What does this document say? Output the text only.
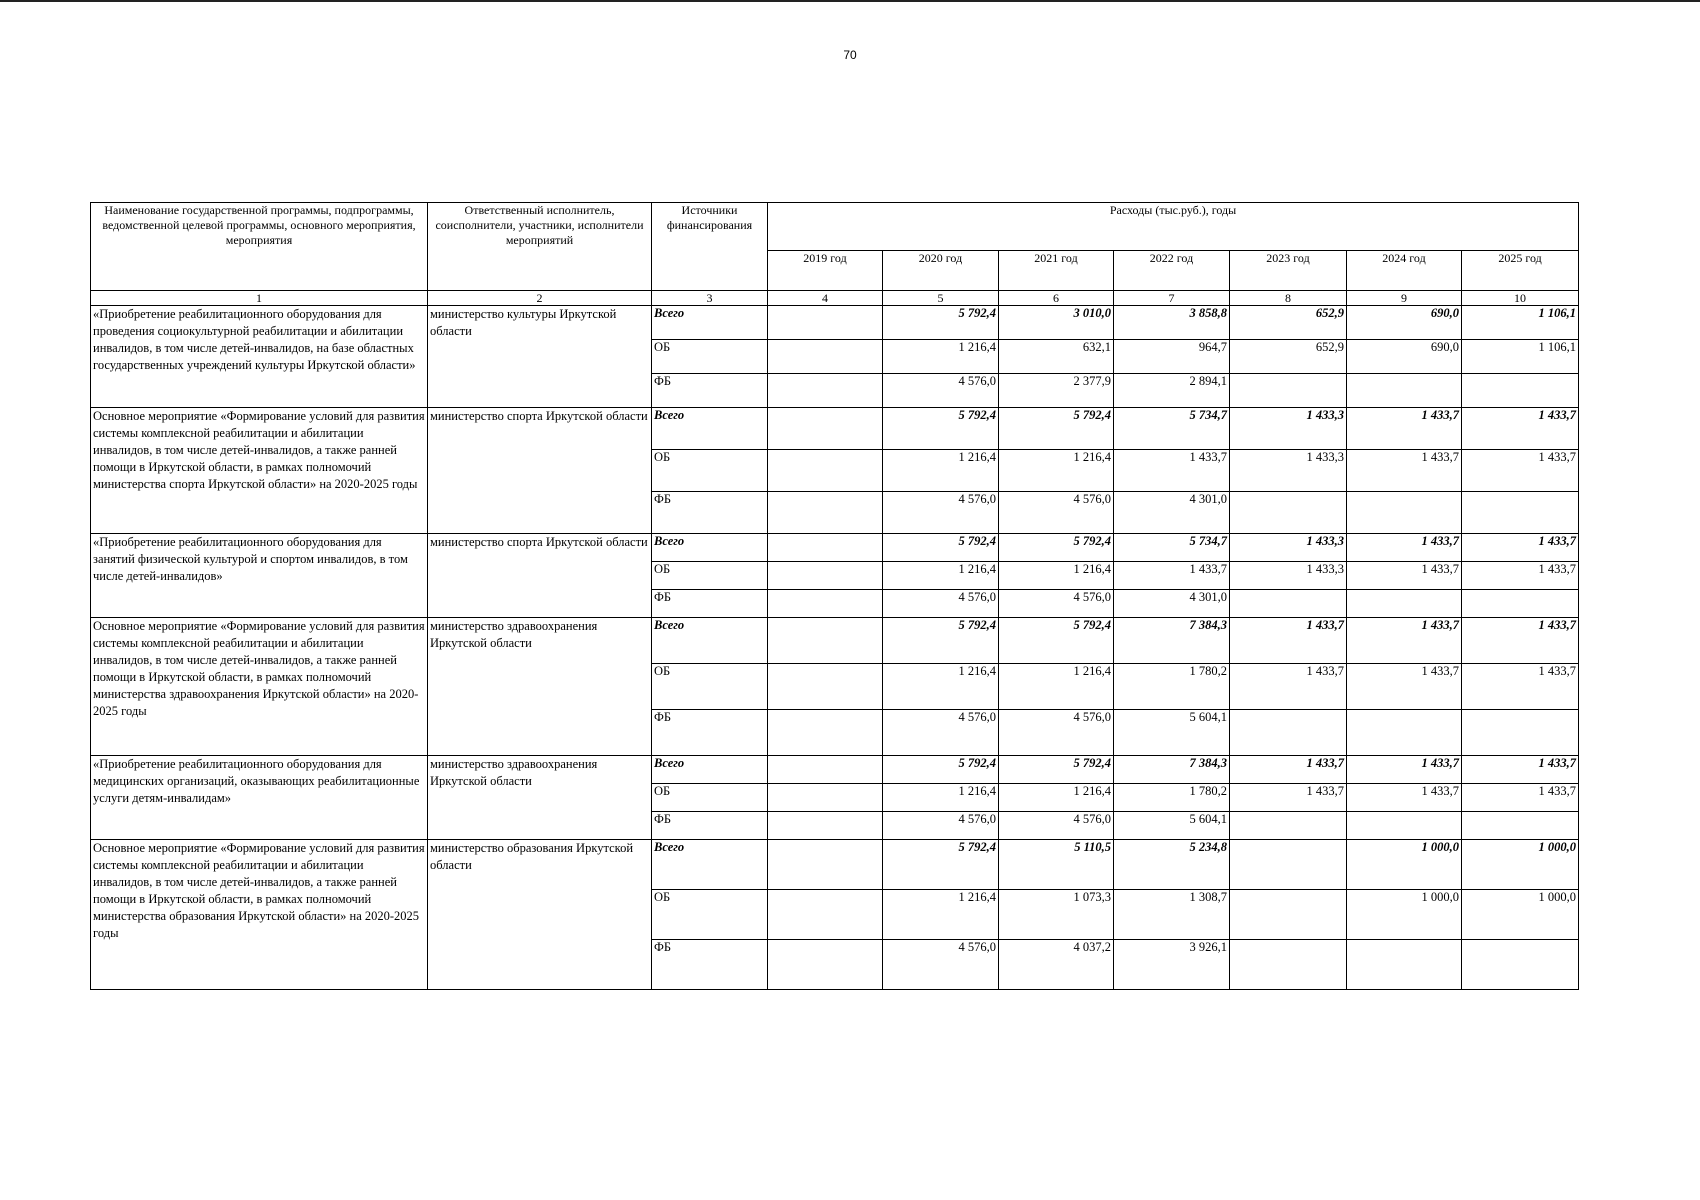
70
Наименование государственной программы, подпрограммы, ведомственной целевой программы, основного мероприятия, мероприятия	Ответственный исполнитель, соисполнители, участники, исполнители мероприятий	Источники финансирования	Расходы (тыс.руб.), годы						
			2019 год	2020 год	2021 год	2022 год	2023 год	2024 год	2025 год
1	2	3	4	5	6	7	8	9	10
«Приобретение реабилитационного оборудования для проведения социокультурной реабилитации и абилитации инвалидов, в том числе детей-инвалидов, на базе областных государственных учреждений культуры Иркутской области»	министерство культуры Иркутской области	Всего		5 792,4	3 010,0	3 858,8	652,9	690,0	1 106,1
		ОБ		1 216,4	632,1	964,7	652,9	690,0	1 106,1
		ФБ		4 576,0	2 377,9	2 894,1			
Основное мероприятие «Формирование условий для развития системы комплексной реабилитации и абилитации инвалидов, в том числе детей-инвалидов, а также ранней помощи в Иркутской области, в рамках полномочий министерства спорта Иркутской области» на 2020-2025 годы	министерство спорта Иркутской области	Всего		5 792,4	5 792,4	5 734,7	1 433,3	1 433,7	1 433,7
		ОБ		1 216,4	1 216,4	1 433,7	1 433,3	1 433,7	1 433,7
		ФБ		4 576,0	4 576,0	4 301,0			
«Приобретение реабилитационного оборудования для занятий физической культурой и спортом инвалидов, в том числе детей-инвалидов»	министерство спорта Иркутской области	Всего		5 792,4	5 792,4	5 734,7	1 433,3	1 433,7	1 433,7
		ОБ		1 216,4	1 216,4	1 433,7	1 433,3	1 433,7	1 433,7
		ФБ		4 576,0	4 576,0	4 301,0			
Основное мероприятие «Формирование условий для развития системы комплексной реабилитации и абилитации инвалидов, в том числе детей-инвалидов, а также ранней помощи в Иркутской области, в рамках полномочий министерства здравоохранения Иркутской области» на 2020-2025 годы	министерство здравоохранения Иркутской области	Всего		5 792,4	5 792,4	7 384,3	1 433,7	1 433,7	1 433,7
		ОБ		1 216,4	1 216,4	1 780,2	1 433,7	1 433,7	1 433,7
		ФБ		4 576,0	4 576,0	5 604,1			
«Приобретение реабилитационного оборудования для медицинских организаций, оказывающих реабилитационные услуги детям-инвалидам»	министерство здравоохранения Иркутской области	Всего		5 792,4	5 792,4	7 384,3	1 433,7	1 433,7	1 433,7
		ОБ		1 216,4	1 216,4	1 780,2	1 433,7	1 433,7	1 433,7
		ФБ		4 576,0	4 576,0	5 604,1			
Основное мероприятие «Формирование условий для развития системы комплексной реабилитации и абилитации инвалидов, в том числе детей-инвалидов, а также ранней помощи в Иркутской области, в рамках полномочий министерства образования Иркутской области» на 2020-2025 годы	министерство образования Иркутской области	Всего		5 792,4	5 110,5	5 234,8		1 000,0	1 000,0
		ОБ		1 216,4	1 073,3	1 308,7		1 000,0	1 000,0
		ФБ		4 576,0	4 037,2	3 926,1			
